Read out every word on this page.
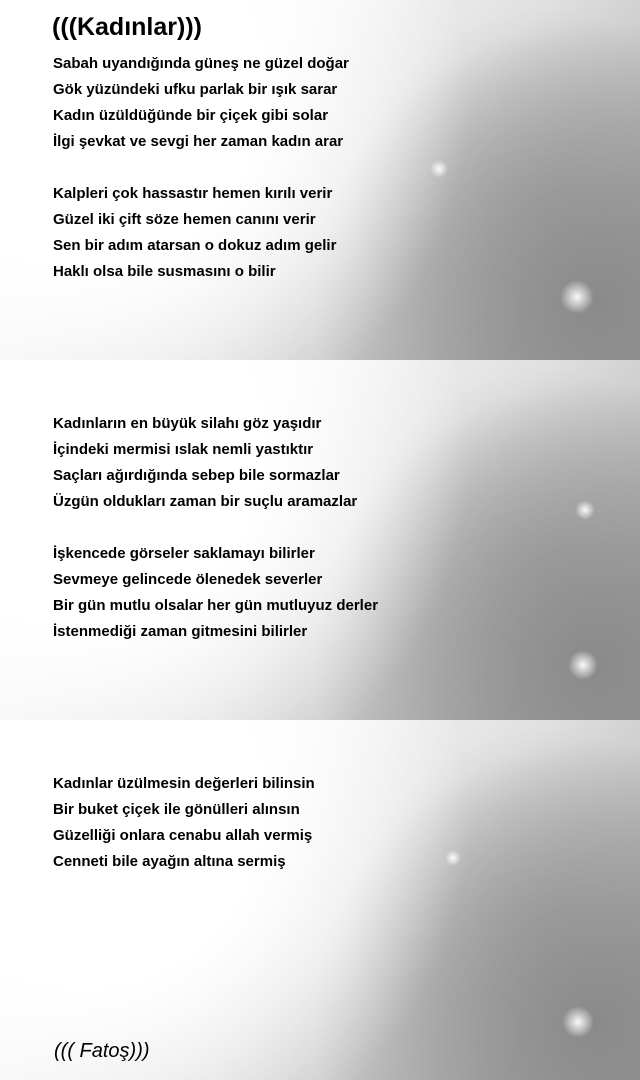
(((Kadınlar)))
Sabah uyandığında güneş ne güzel doğar
Gök yüzündeki ufku parlak bir ışık sarar
Kadın üzüldüğünde bir çiçek gibi solar
İlgi şevkat ve sevgi her zaman kadın arar
Kalpleri çok hassastır hemen kırılı verir
Güzel iki çift söze hemen canını verir
Sen bir adım atarsan o dokuz adım gelir
Haklı olsa bile susmasını o bilir
Kadınların en büyük silahı göz yaşıdır
İçindeki mermisi ıslak nemli yastıktır
Saçları ağırdığında sebep bile sormazlar
Üzgün oldukları zaman bir suçlu aramazlar
İşkencede görseler saklamayı bilirler
Sevmeye gelincede ölenedek severler
Bir gün mutlu olsalar her gün mutluyuz derler
İstenmediği zaman gitmesini bilirler
Kadınlar üzülmesin değerleri bilinsin
Bir buket çiçek ile gönülleri alınsın
Güzelliği onlara cenabu allah vermiş
Cenneti bile ayağın altına sermiş
((( Fatoş)))
